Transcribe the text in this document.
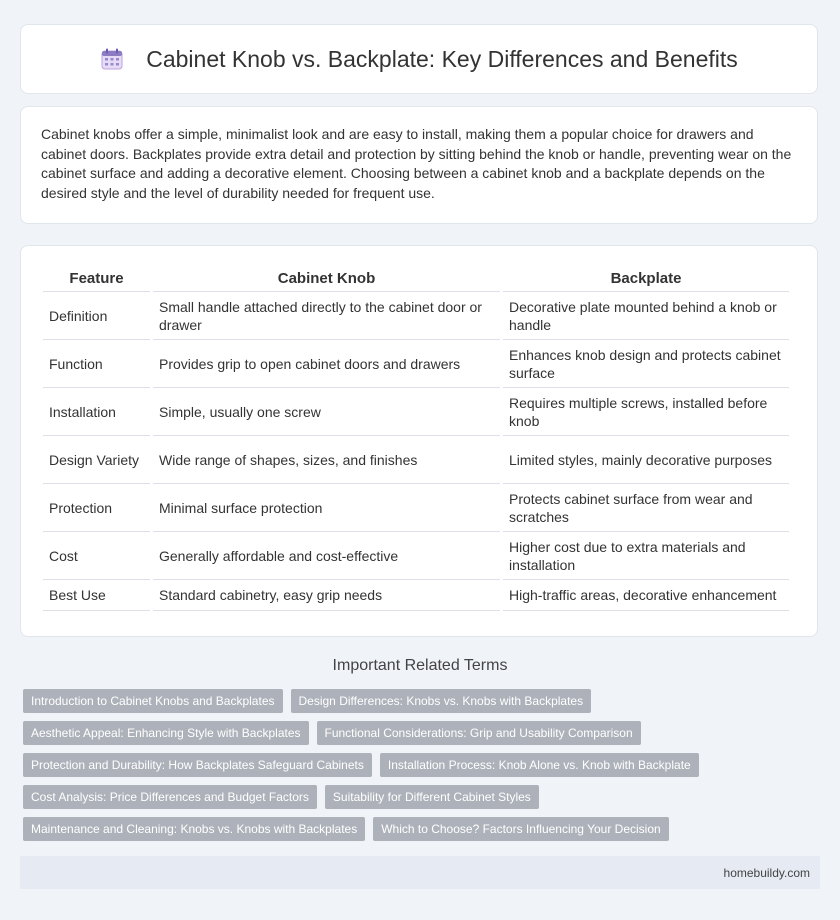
Cabinet Knob vs. Backplate: Key Differences and Benefits

Cabinet knobs offer a simple, minimalist look and are easy to install, making them a popular choice for drawers and cabinet doors. Backplates provide extra detail and protection by sitting behind the knob or handle, preventing wear on the cabinet surface and adding a decorative element. Choosing between a cabinet knob and a backplate depends on the desired style and the level of durability needed for frequent use.

Feature	Cabinet Knob	Backplate
Definition	Small handle attached directly to the cabinet door or drawer	Decorative plate mounted behind a knob or handle
Function	Provides grip to open cabinet doors and drawers	Enhances knob design and protects cabinet surface
Installation	Simple, usually one screw	Requires multiple screws, installed before knob
Design Variety	Wide range of shapes, sizes, and finishes	Limited styles, mainly decorative purposes
Protection	Minimal surface protection	Protects cabinet surface from wear and scratches
Cost	Generally affordable and cost-effective	Higher cost due to extra materials and installation
Best Use	Standard cabinetry, easy grip needs	High-traffic areas, decorative enhancement
Important Related Terms
Introduction to Cabinet Knobs and Backplates	Design Differences: Knobs vs. Knobs with Backplates
Aesthetic Appeal: Enhancing Style with Backplates	Functional Considerations: Grip and Usability Comparison
Protection and Durability: How Backplates Safeguard Cabinets	Installation Process: Knob Alone vs. Knob with Backplate
Cost Analysis: Price Differences and Budget Factors	Suitability for Different Cabinet Styles
Maintenance and Cleaning: Knobs vs. Knobs with Backplates	Which to Choose? Factors Influencing Your Decision
homebuildy.com
